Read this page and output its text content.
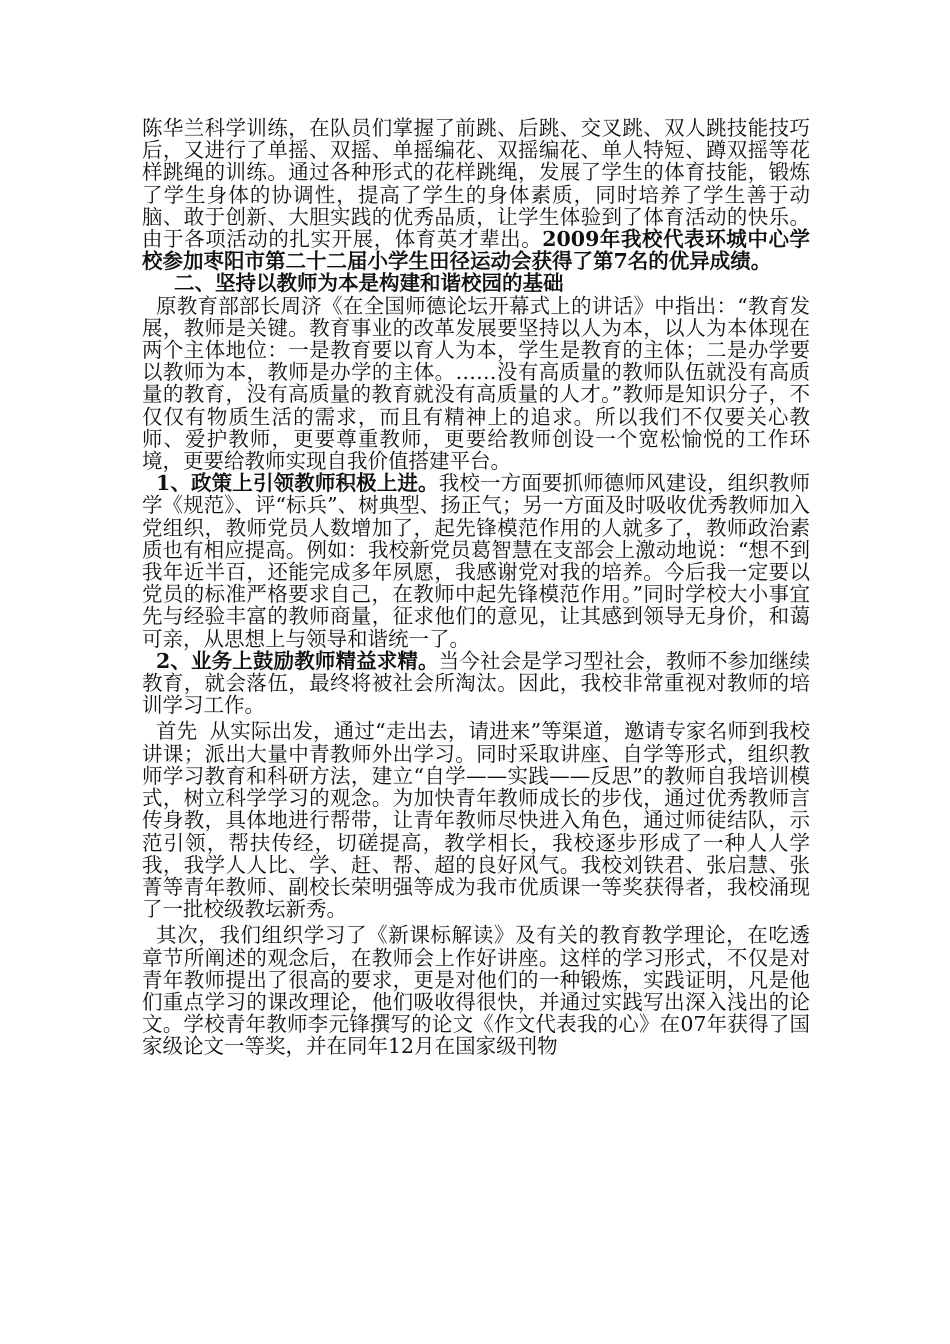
陈华兰科学训练，在队员们掌握了前跳、后跳、交叉跳、双人跳技能技巧后，又进行了单摇、双摇、单摇编花、双摇编花、单人特短、蹲双摇等花样跳绳的训练。通过各种形式的花样跳绳，发展了学生的体育技能，锻炼了学生身体的协调性，提高了学生的身体素质，同时培养了学生善于动脑、敢于创新、大胆实践的优秀品质，让学生体验到了体育活动的快乐。由于各项活动的扎实开展，体育英才辈出。2009年我校代表环城中心学校参加枣阳市第二十二届小学生田径运动会获得了第7名的优异成绩。

二、坚持以教师为本是构建和谐校园的基础

原教育部部长周济《在全国师德论坛开幕式上的讲话》中指出：“教育发展，教师是关键。教育事业的改革发展要坚持以人为本，以人为本体现在两个主体地位：一是教育要以育人为本，学生是教育的主体；二是办学要以教师为本，教师是办学的主体。……没有高质量的教师队伍就没有高质量的教育，没有高质量的教育就没有高质量的人才。”教师是知识分子，不仅仅有物质生活的需求，而且有精神上的追求。所以我们不仅要关心教师、爱护教师，更要尊重教师，更要给教师创设一个宽松愉悦的工作环境，更要给教师实现自我价值搭建平台。

1、政策上引领教师积极上进。我校一方面要抓师德师风建设，组织教师学《规范》、评“标兵”、树典型、扬正气；另一方面及时吸收优秀教师加入党组织，教师党员人数增加了，起先锋模范作用的人就多了，教师政治素质也有相应提高。例如：我校新党员葛智慧在支部会上激动地说：“想不到我年近半百，还能完成多年夙愿，我感谢党对我的培养。今后我一定要以党员的标准严格要求自己，在教师中起先锋模范作用。”同时学校大小事宜先与经验丰富的教师商量，征求他们的意见，让其感到领导无身价，和蔼可亲，从思想上与领导和谐统一了。

2、业务上鼓励教师精益求精。当今社会是学习型社会，教师不参加继续教育，就会落伍，最终将被社会所淘汰。因此，我校非常重视对教师的培训学习工作。

首先 从实际出发，通过“走出去，请进来”等渠道，邀请专家名师到我校讲课；派出大量中青教师外出学习。同时采取讲座、自学等形式，组织教师学习教育和科研方法，建立“自学——实践——反思”的教师自我培训模式，树立科学学习的观念。为加快青年教师成长的步伐，通过优秀教师言传身教，具体地进行帮带，让青年教师尽快进入角色，通过师徒结队，示范引领，帮扶传经，切磋提高，教学相长，我校逐步形成了一种人人学我，我学人人比、学、赶、帮、超的良好风气。我校刘铁君、张启慧、张菁等青年教师、副校长荣明强等成为我市优质课一等奖获得者，我校涌现了一批校级教坛新秀。

其次，我们组织学习了《新课标解读》及有关的教育教学理论，在吃透章节所阐述的观念后，在教师会上作好讲座。这样的学习形式，不仅是对青年教师提出了很高的要求，更是对他们的一种锻炼，实践证明，凡是他们重点学习的课改理论，他们吸收得很快，并通过实践写出深入浅出的论文。学校青年教师李元锋撰写的论文《作文代表我的心》在07年获得了国家级论文一等奖，并在同年12月在国家级刊物
